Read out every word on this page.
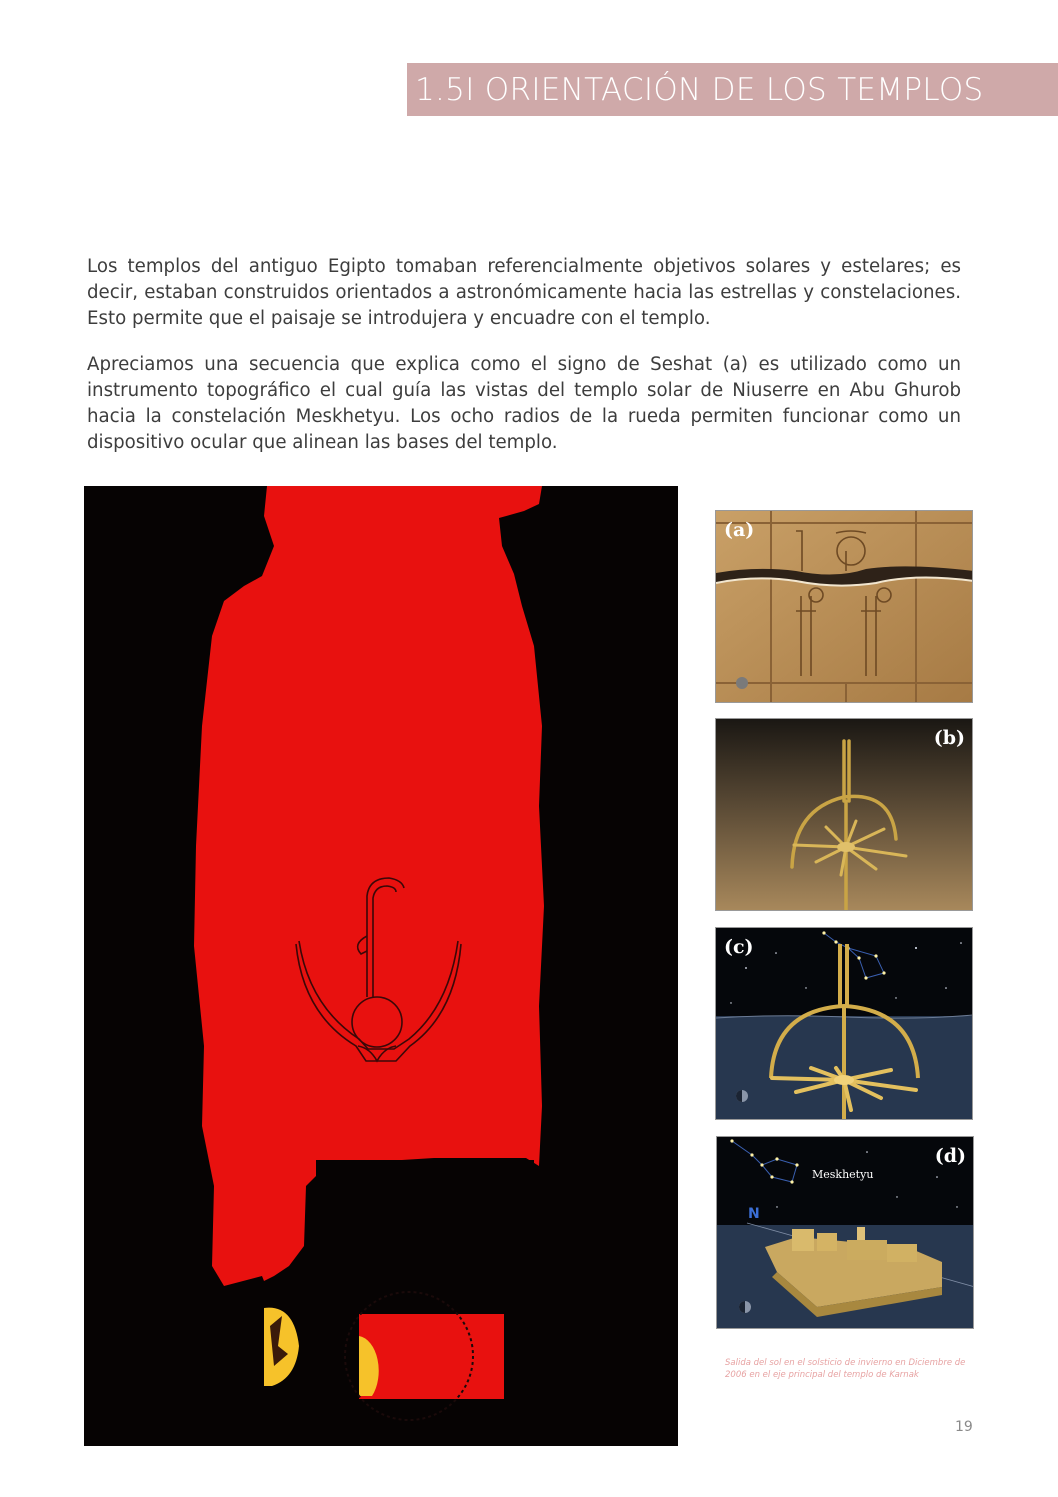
1.5I ORIENTACIÓN DE LOS TEMPLOS

Los templos del antiguo Egipto tomaban referencialmente objetivos solares y estelares; es decir, estaban construidos orientados a astronómicamente hacia las estrellas y constelaciones. Esto permite que el paisaje se introdujera y encuadre con el templo.

Apreciamos una secuencia que explica como el signo de Seshat (a) es utilizado como un instrumento topográfico el cual guía las vistas del templo solar de Niuserre en Abu Ghurob hacia la constelación Meskhetyu. Los ocho radios de la rueda permiten funcionar como un dispositivo ocular que alinean las bases del templo.

(a)
(b)
(c)
(d)
Meskhetyu
N

Salida del sol en el solsticio de invierno en Diciembre de 2006 en el eje principal del templo de Karnak

19
